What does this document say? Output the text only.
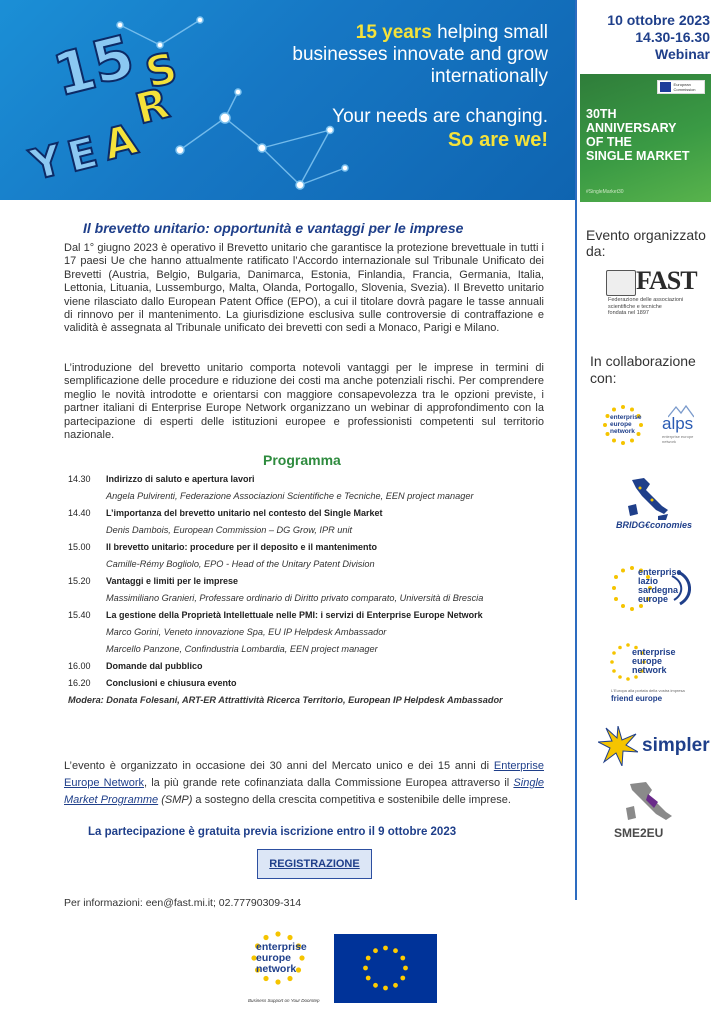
1
5
Y
E
A
R
S
15 years helping small
businesses innovate and grow
internationally
Your needs are changing.
So are we!
10 ottobre 2023
14.30-16.30
Webinar
European Commission
30TH
ANNIVERSARY
OF THE
SINGLE MARKET
#SingleMarket30
Evento organizzato da:
FAST
Federazione delle associazioni
scientifiche e tecniche
fondata nel 1897
In collaborazione
con:
enterprise
europe
network	alps
enterprise europe network
BRIDG€conomies
enterprise
lazio
sardegna
europe
enterprise
europe
network
L'Europa alla portata della vostra impresa
friend europe
simpler
SME2EU
Il brevetto unitario: opportunità e vantaggi per le imprese
Dal 1° giugno 2023 è operativo il Brevetto unitario che garantisce la protezione brevettuale in tutti i 17 paesi Ue che hanno attualmente ratificato l’Accordo internazionale sul Tribunale Unificato dei Brevetti (Austria, Belgio, Bulgaria, Danimarca, Estonia, Finlandia, Francia, Germania, Italia, Lettonia, Lituania, Lussemburgo, Malta, Olanda, Portogallo, Slovenia, Svezia). Il Brevetto unitario viene rilasciato dallo European Patent Office (EPO), a cui il titolare dovrà pagare le tasse annuali di rinnovo per il mantenimento. La giurisdizione esclusiva sulle controversie di contraffazione e validità è assegnata al Tribunale unificato dei brevetti con sedi a Monaco, Parigi e Milano.
L’introduzione del brevetto unitario comporta notevoli vantaggi per le imprese in termini di semplificazione delle procedure e riduzione dei costi ma anche potenziali rischi. Per comprendere meglio le novità introdotte e orientarsi con maggiore consapevolezza tra le opzioni previste, i partner italiani di Enterprise Europe Network organizzano un webinar di approfondimento con la partecipazione di esperti delle istituzioni europee e professionisti competenti sul territorio nazionale.
Programma
14.30	Indirizzo di saluto e apertura lavori
Angela Pulvirenti, Federazione Associazioni Scientifiche e Tecniche, EEN project manager
14.40	L’importanza del brevetto unitario nel contesto del Single Market
Denis Dambois, European Commission – DG Grow, IPR unit
15.00	Il brevetto unitario: procedure per il deposito e il mantenimento
Camille-Rémy Bogliolo, EPO - Head of the Unitary Patent Division
15.20	Vantaggi e limiti per le imprese
Massimiliano Granieri, Professare ordinario di Diritto privato comparato, Università di Brescia
15.40	La gestione della Proprietà Intellettuale nelle PMI: i servizi di Enterprise Europe Network
Marco Gorini, Veneto innovazione Spa, EU IP Helpdesk Ambassador
Marcello Panzone, Confindustria Lombardia, EEN project manager
16.00	Domande dal pubblico
16.20	Conclusioni e chiusura evento
Modera: Donata Folesani, ART-ER Attrattività Ricerca Territorio, European IP Helpdesk Ambassador
L’evento è organizzato in occasione dei 30 anni del Mercato unico e dei 15 anni di Enterprise Europe Network, la più grande rete cofinanziata dalla Commissione Europea attraverso il Single Market Programme (SMP) a sostegno della crescita competitiva e sostenibile delle imprese.
La partecipazione è gratuita previa iscrizione entro il 9 ottobre 2023
REGISTRAZIONE
Per informazioni: een@fast.mi.it; 02.77790309-314
enterprise
europe
network
Business Support on Your Doorstep
